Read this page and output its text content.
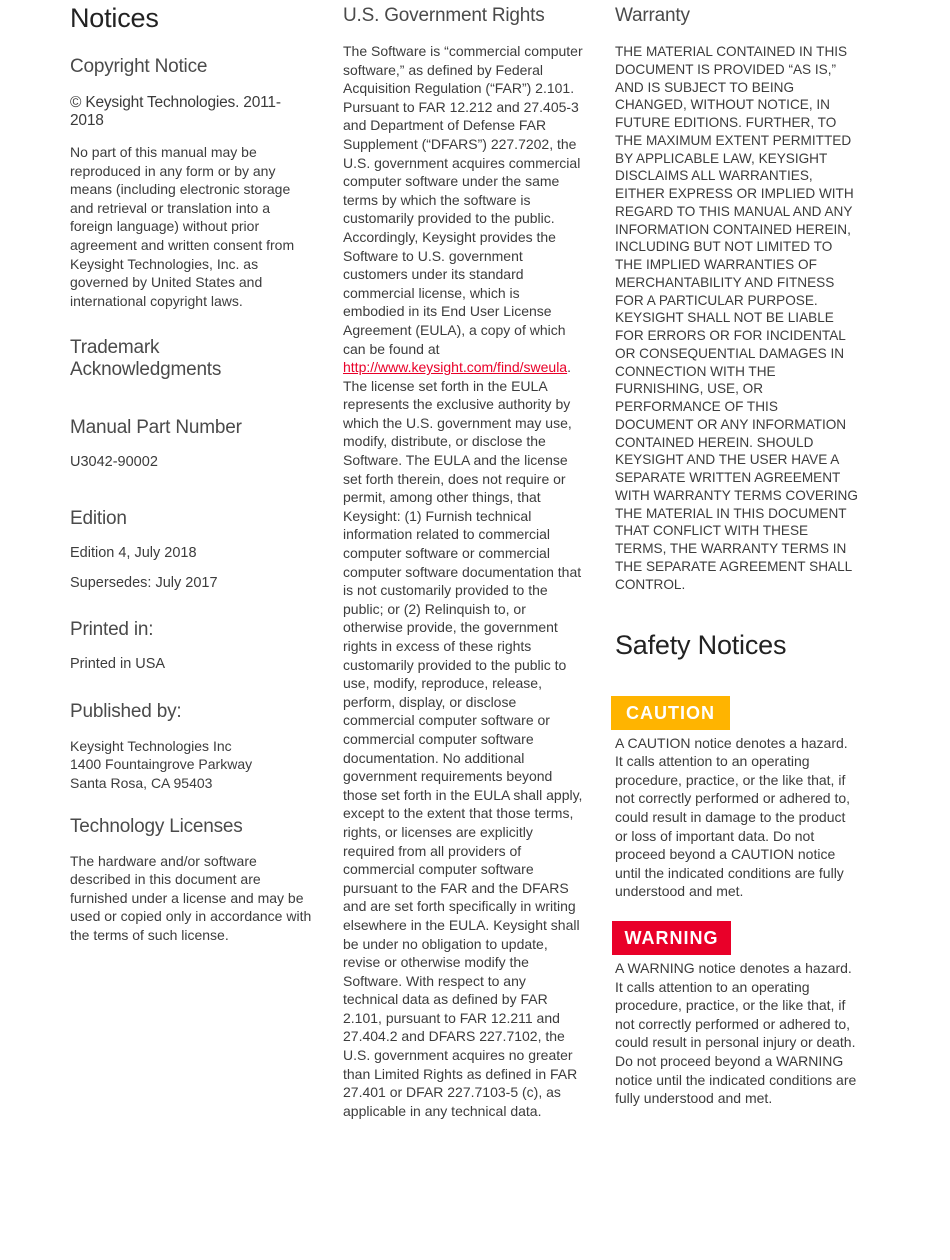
Notices
Copyright Notice
© Keysight Technologies. 2011-2018

No part of this manual may be reproduced in any form or by any means (including electronic storage and retrieval or translation into a foreign language) without prior agreement and written consent from Keysight Technologies, Inc. as governed by United States and international copyright laws.

Trademark Acknowledgments
Manual Part Number

U3042-90002

Edition

Edition 4, July 2018

Supersedes: July 2017

Printed in:

Printed in USA

Published by:

Keysight Technologies Inc

1400 Fountaingrove Parkway

Santa Rosa, CA 95403

Technology Licenses

The hardware and/or software described in this document are furnished under a license and may be used or copied only in accordance with the terms of such license.

U.S. Government Rights

The Software is “commercial computer software,” as defined by Federal Acquisition Regulation (“FAR”) 2.101. Pursuant to FAR 12.212 and 27.405-3 and Department of Defense FAR Supplement (“DFARS”) 227.7202, the U.S. government acquires commercial computer software under the same terms by which the software is customarily provided to the public. Accordingly, Keysight provides the Software to U.S. government customers under its standard commercial license, which is embodied in its End User License Agreement (EULA), a copy of which can be found at http://www.keysight.com/find/sweula. The license set forth in the EULA represents the exclusive authority by which the U.S. government may use, modify, distribute, or disclose the Software. The EULA and the license set forth therein, does not require or permit, among other things, that Keysight: (1) Furnish technical information related to commercial computer software or commercial computer software documentation that is not customarily provided to the public; or (2) Relinquish to, or otherwise provide, the government rights in excess of these rights customarily provided to the public to use, modify, reproduce, release, perform, display, or disclose commercial computer software or commercial computer software documentation. No additional government requirements beyond those set forth in the EULA shall apply, except to the extent that those terms, rights, or licenses are explicitly required from all providers of commercial computer software pursuant to the FAR and the DFARS and are set forth specifically in writing elsewhere in the EULA. Keysight shall be under no obligation to update, revise or otherwise modify the Software. With respect to any technical data as defined by FAR 2.101, pursuant to FAR 12.211 and 27.404.2 and DFARS 227.7102, the U.S. government acquires no greater than Limited Rights as defined in FAR 27.401 or DFAR 227.7103-5 (c), as applicable in any technical data.

Warranty

THE MATERIAL CONTAINED IN THIS DOCUMENT IS PROVIDED “AS IS,” AND IS SUBJECT TO BEING CHANGED, WITHOUT NOTICE, IN FUTURE EDITIONS. FURTHER, TO THE MAXIMUM EXTENT PERMITTED BY APPLICABLE LAW, KEYSIGHT DISCLAIMS ALL WARRANTIES, EITHER EXPRESS OR IMPLIED WITH REGARD TO THIS MANUAL AND ANY INFORMATION CONTAINED HEREIN, INCLUDING BUT NOT LIMITED TO THE IMPLIED WARRANTIES OF MERCHANTABILITY AND FITNESS FOR A PARTICULAR PURPOSE. KEYSIGHT SHALL NOT BE LIABLE FOR ERRORS OR FOR INCIDENTAL OR CONSEQUENTIAL DAMAGES IN CONNECTION WITH THE FURNISHING, USE, OR PERFORMANCE OF THIS DOCUMENT OR ANY INFORMATION CONTAINED HEREIN. SHOULD KEYSIGHT AND THE USER HAVE A SEPARATE WRITTEN AGREEMENT WITH WARRANTY TERMS COVERING THE MATERIAL IN THIS DOCUMENT THAT CONFLICT WITH THESE TERMS, THE WARRANTY TERMS IN THE SEPARATE AGREEMENT SHALL CONTROL.

Safety Notices
CAUTION

A CAUTION notice denotes a hazard. It calls attention to an operating procedure, practice, or the like that, if not correctly performed or adhered to, could result in damage to the product or loss of important data. Do not proceed beyond a CAUTION notice until the indicated conditions are fully understood and met.

WARNING

A WARNING notice denotes a hazard. It calls attention to an operating procedure, practice, or the like that, if not correctly performed or adhered to, could result in personal injury or death. Do not proceed beyond a WARNING notice until the indicated conditions are fully understood and met.
